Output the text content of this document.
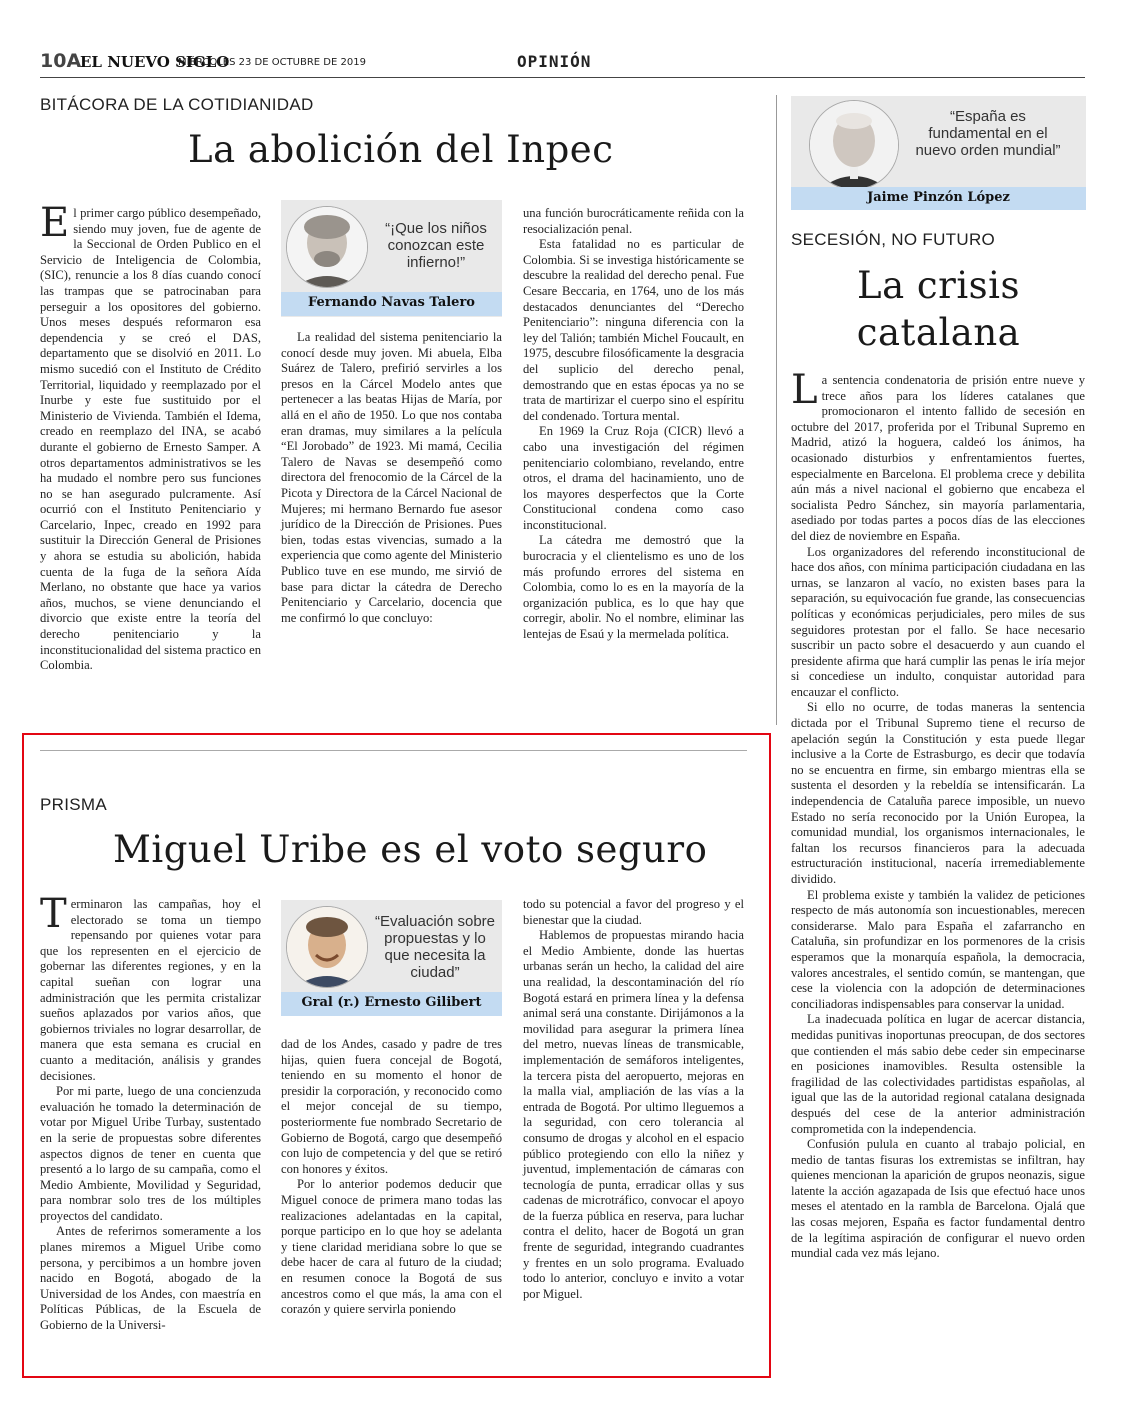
10A
EL NUEVO SIGLO
MIÉRCOLES 23 DE OCTUBRE DE 2019	OPINIÓN
BITÁCORA DE LA COTIDIANIDAD
La abolición del Inpec

El primer cargo público desempeñado, siendo muy joven, fue de agente de la Seccional de Orden Publico en el Servicio de Inteligencia de Colombia, (SIC), renuncie a los 8 días cuando conocí las trampas que se patrocinaban para perseguir a los opositores del gobierno. Unos meses después reformaron esa dependencia y se creó el DAS, departamento que se disolvió en 2011. Lo mismo sucedió con el Instituto de Crédito Territorial, liquidado y reemplazado por el Inurbe y este fue sustituido por el Ministerio de Vivienda. También el Idema, creado en reemplazo del INA, se acabó durante el gobierno de Ernesto Samper. A otros departamentos administrativos se les ha mudado el nombre pero sus funciones no se han asegurado pulcramente. Así ocurrió con el Instituto Penitenciario y Carcelario, Inpec, creado en 1992 para sustituir la Dirección General de Prisiones y ahora se estudia su abolición, habida cuenta de la fuga de la señora Aída Merlano, no obstante que hace ya varios años, muchos, se viene denunciando el divorcio que existe entre la teoría del derecho penitenciario y la inconstitucionalidad del sistema practico en Colombia.

“¡Que los niños conozcan este infierno!”
Fernando Navas Talero

La realidad del sistema penitenciario la conocí desde muy joven. Mi abuela, Elba Suárez de Talero, prefirió servirles a los presos en la Cárcel Modelo antes que pertenecer a las beatas Hijas de María, por allá en el año de 1950. Lo que nos contaba eran dramas, muy similares a la película “El Jorobado” de 1923. Mi mamá, Cecilia Talero de Navas se desempeñó como directora del frenocomio de la Cárcel de la Picota y Directora de la Cárcel Nacional de Mujeres; mi hermano Bernardo fue asesor jurídico de la Dirección de Prisiones. Pues bien, todas estas vivencias, sumado a la experiencia que como agente del Ministerio Publico tuve en ese mundo, me sirvió de base para dictar la cátedra de Derecho Penitenciario y Carcelario, docencia que me confirmó lo que concluyo:

una función burocráticamente reñida con la resocialización penal.

Esta fatalidad no es particular de Colombia. Si se investiga históricamente se descubre la realidad del derecho penal. Fue Cesare Beccaria, en 1764, uno de los más destacados denunciantes del “Derecho Penitenciario”: ninguna diferencia con la ley del Talión; también Michel Foucault, en 1975, descubre filosóficamente la desgracia del suplicio del derecho penal, demostrando que en estas épocas ya no se trata de martirizar el cuerpo sino el espíritu del condenado. Tortura mental.

En 1969 la Cruz Roja (CICR) llevó a cabo una investigación del régimen penitenciario colombiano, revelando, entre otros, el drama del hacinamiento, uno de los mayores desperfectos que la Corte Constitucional condena como caso inconstitucional.

La cátedra me demostró que la burocracia y el clientelismo es uno de los más profundo errores del sistema en Colombia, como lo es en la mayoría de la organización publica, es lo que hay que corregir, abolir. No el nombre, eliminar las lentejas de Esaú y la mermelada política.

PRISMA
Miguel Uribe es el voto seguro

Terminaron las campañas, hoy el electorado se toma un tiempo repensando por quienes votar para que los representen en el ejercicio de gobernar las diferentes regiones, y en la capital sueñan con lograr una administración que les permita cristalizar sueños aplazados por varios años, que gobiernos triviales no lograr desarrollar, de manera que esta semana es crucial en cuanto a meditación, análisis y grandes decisiones.

Por mi parte, luego de una concienzuda evaluación he tomado la determinación de votar por Miguel Uribe Turbay, sustentado en la serie de propuestas sobre diferentes aspectos dignos de tener en cuenta que presentó a lo largo de su campaña, como el Medio Ambiente, Movilidad y Seguridad, para nombrar solo tres de los múltiples proyectos del candidato.

Antes de referirnos someramente a los planes miremos a Miguel Uribe como persona, y percibimos a un hombre joven nacido en Bogotá, abogado de la Universidad de los Andes, con maestría en Políticas Públicas, de la Escuela de Gobierno de la Universi-

“Evaluación sobre propuestas y lo que necesita la ciudad”
Gral (r.) Ernesto Gilibert

dad de los Andes, casado y padre de tres hijas, quien fuera concejal de Bogotá, teniendo en su momento el honor de presidir la corporación, y reconocido como el mejor concejal de su tiempo, posteriormente fue nombrado Secretario de Gobierno de Bogotá, cargo que desempeñó con lujo de competencia y del que se retiró con honores y éxitos.

Por lo anterior podemos deducir que Miguel conoce de primera mano todas las realizaciones adelantadas en la capital, porque participo en lo que hoy se adelanta y tiene claridad meridiana sobre lo que se debe hacer de cara al futuro de la ciudad; en resumen conoce la Bogotá de sus ancestros como el que más, la ama con el corazón y quiere servirla poniendo

todo su potencial a favor del progreso y el bienestar que la ciudad.

Hablemos de propuestas mirando hacia el Medio Ambiente, donde las huertas urbanas serán un hecho, la calidad del aire una realidad, la descontaminación del río Bogotá estará en primera línea y la defensa animal será una constante. Dirijámonos a la movilidad para asegurar la primera línea del metro, nuevas líneas de transmicable, implementación de semáforos inteligentes, la tercera pista del aeropuerto, mejoras en la malla vial, ampliación de las vías a la entrada de Bogotá. Por ultimo lleguemos a la seguridad, con cero tolerancia al consumo de drogas y alcohol en el espacio público protegiendo con ello la niñez y juventud, implementación de cámaras con tecnología de punta, erradicar ollas y sus cadenas de microtráfico, convocar el apoyo de la fuerza pública en reserva, para luchar contra el delito, hacer de Bogotá un gran frente de seguridad, integrando cuadrantes y frentes en un solo programa. Evaluado todo lo anterior, concluyo e invito a votar por Miguel.

“España es fundamental en el nuevo orden mundial”
Jaime Pinzón López
SECESIÓN, NO FUTURO
La crisis
catalana

La sentencia condenatoria de prisión entre nueve y trece años para los líderes catalanes que promocionaron el intento fallido de secesión en octubre del 2017, proferida por el Tribunal Supremo en Madrid, atizó la hoguera, caldeó los ánimos, ha ocasionado disturbios y enfrentamientos fuertes, especialmente en Barcelona. El problema crece y debilita aún más a nivel nacional el gobierno que encabeza el socialista Pedro Sánchez, sin mayoría parlamentaria, asediado por todas partes a pocos días de las elecciones del diez de noviembre en España.

Los organizadores del referendo inconstitucional de hace dos años, con mínima participación ciudadana en las urnas, se lanzaron al vacío, no existen bases para la separación, su equivocación fue grande, las consecuencias políticas y económicas perjudiciales, pero miles de sus seguidores protestan por el fallo. Se hace necesario suscribir un pacto sobre el desacuerdo y aun cuando el presidente afirma que hará cumplir las penas le iría mejor si concediese un indulto, conquistar autoridad para encauzar el conflicto.

Si ello no ocurre, de todas maneras la sentencia dictada por el Tribunal Supremo tiene el recurso de apelación según la Constitución y esta puede llegar inclusive a la Corte de Estrasburgo, es decir que todavía no se encuentra en firme, sin embargo mientras ella se sustenta el desorden y la rebeldía se intensificarán. La independencia de Cataluña parece imposible, un nuevo Estado no sería reconocido por la Unión Europea, la comunidad mundial, los organismos internacionales, le faltan los recursos financieros para la adecuada estructuración institucional, nacería irremediablemente dividido.

El problema existe y también la validez de peticiones respecto de más autonomía son incuestionables, merecen considerarse. Malo para España el zafarrancho en Cataluña, sin profundizar en los pormenores de la crisis esperamos que la monarquía española, la democracia, valores ancestrales, el sentido común, se mantengan, que cese la violencia con la adopción de determinaciones conciliadoras indispensables para conservar la unidad.

La inadecuada política en lugar de acercar distancia, medidas punitivas inoportunas preocupan, de dos sectores que contienden el más sabio debe ceder sin empecinarse en posiciones inamovibles. Resulta ostensible la fragilidad de las colectividades partidistas españolas, al igual que las de la autoridad regional catalana designada después del cese de la anterior administración comprometida con la independencia.

Confusión pulula en cuanto al trabajo policial, en medio de tantas fisuras los extremistas se infiltran, hay quienes mencionan la aparición de grupos neonazis, sigue latente la acción agazapada de Isis que efectuó hace unos meses el atentado en la rambla de Barcelona. Ojalá que las cosas mejoren, España es factor fundamental dentro de la legítima aspiración de configurar el nuevo orden mundial cada vez más lejano.
